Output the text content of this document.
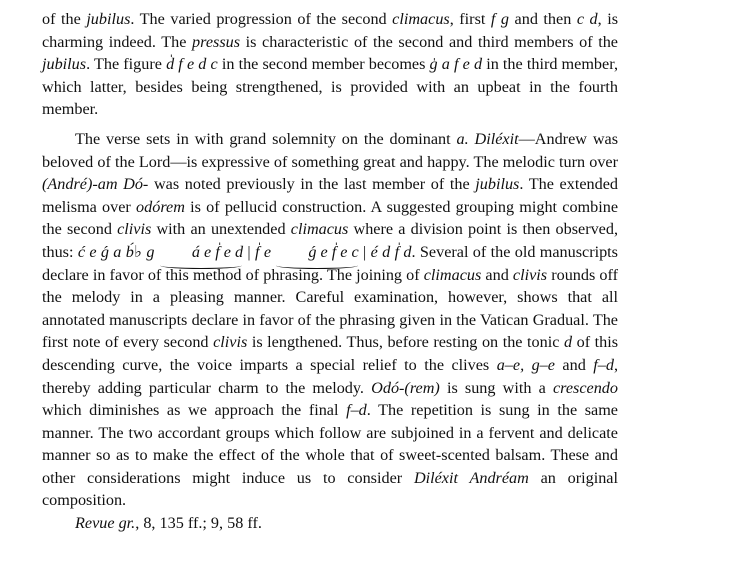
of the jubilus. The varied progression of the second climacus, first f g and then c d, is charming indeed. The pressus is characteristic of the second and third members of the jubilus. The figure d̍ f e d c in the second member becomes g̍ a f e d in the third member, which latter, besides being strengthened, is provided with an upbeat in the fourth member.

The verse sets in with grand solemnity on the dominant a. Diléxit—Andrew was beloved of the Lord—is expressive of something great and happy. The melodic turn over (André)-am Dó- was noted previously in the last member of the jubilus. The extended melisma over odórem is of pellucid construction. A suggested grouping might combine the second clivis with an unextended climacus where a division point is then observed, thus: ć e ǵ a b́♭ g á e f̍ e d | f̍ e ǵ e f̍ e c | é d f̍ d. Several of the old manuscripts declare in favor of this method of phrasing. The joining of climacus and clivis rounds off the melody in a pleasing manner. Careful examination, however, shows that all annotated manuscripts declare in favor of the phrasing given in the Vatican Gradual. The first note of every second clivis is lengthened. Thus, before resting on the tonic d of this descending curve, the voice imparts a special relief to the clives a–e, g–e and f–d, thereby adding particular charm to the melody. Odó-(rem) is sung with a crescendo which diminishes as we approach the final f–d. The repetition is sung in the same manner. The two accordant groups which follow are subjoined in a fervent and delicate manner so as to make the effect of the whole that of sweet-scented balsam. These and other considerations might induce us to consider Diléxit Andréam an original composition.

Revue gr., 8, 135 ff.; 9, 58 ff.
